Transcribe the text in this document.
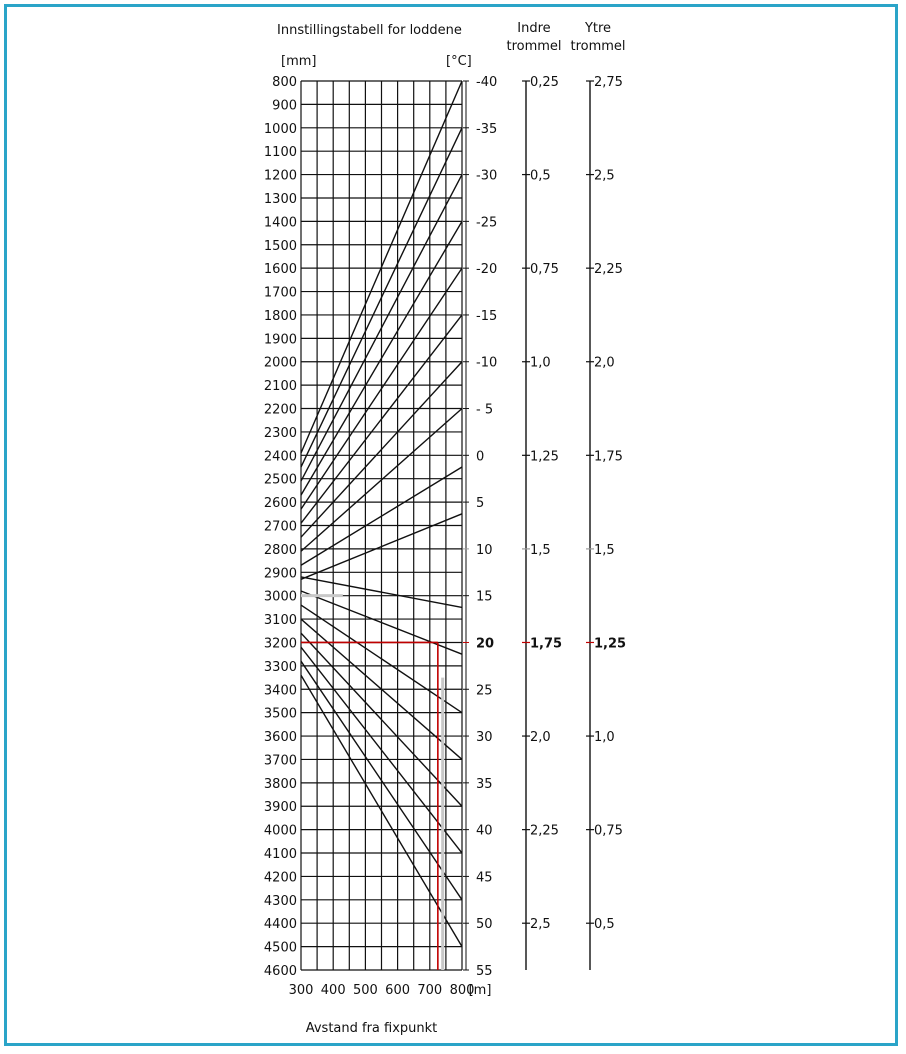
Innstillingstabell for loddene
[mm]	[°C]
800
900
1000
1100
1200
1300
1400
1500
1600
1700
1800
1900
2000
2100
2200
2300
2400
2500
2600
2700
2800
2900
3000
3100
3200
3300
3400
3500
3600
3700
3800
3900
4000
4100
4200
4300
4400
4500
4600
300 400 500 600 700 800
[m]
Avstand fra fixpunkt
-40
-35
-30
-25
-20
-15
-10
- 5
0
5
10
15
20
25
30
35
40
45
50
55
Indre
trommel
0,25
0,5
0,75
1,0
1,25
1,5
1,75
2,0
2,25
2,5
Ytre
trommel
2,75
2,5
2,25
2,0
1,75
1,5
1,25
1,0
0,75
0,5
